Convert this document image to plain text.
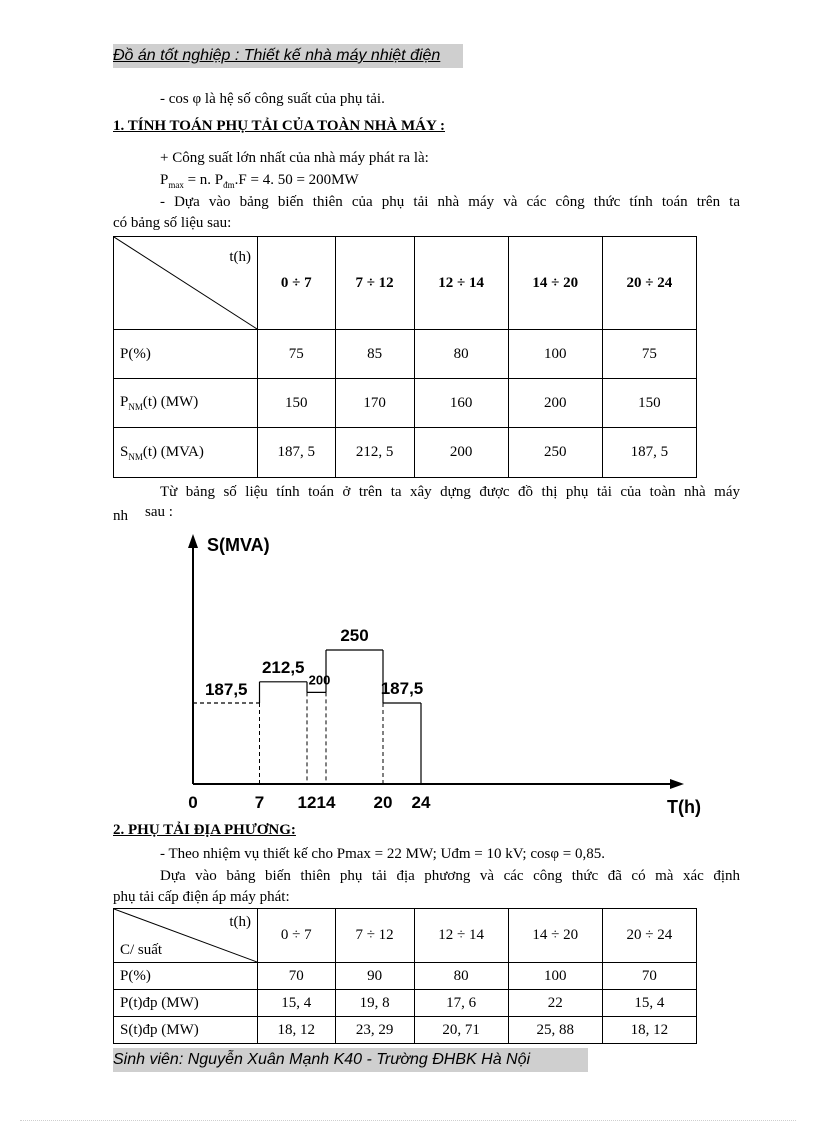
Đồ án tốt nghiệp : Thiết kế nhà máy nhiệt điện
- cos φ là hệ số công suất của phụ tải.
1. TÍNH TOÁN PHỤ TẢI CỦA TOÀN NHÀ MÁY :
+ Công suất lớn nhất của nhà máy phát ra là:
$P_{max} = n$. $P_{đm}.F = 4$. 50 = 200MW
- Dựa vào bảng biến thiên của phụ tải nhà máy và các công thức tính toán trên ta
có bảng số liệu sau:
t(h)	0 ÷ 7	7 ÷ 12	12 ÷ 14	14 ÷ 20	20 ÷ 24
P(%)	75	85	80	100	75
$P_{NM}(t)$ (MW)	150	170	160	200	150
$S_{NM}(t)$ (MVA)	187, 5	212, 5	200	250	187, 5
Từ bảng số liệu tính toán ở trên ta xây dựng được đồ thị phụ tải của toàn nhà máy
nh sau :
S(MVA)
T(h)
0	7 12 14 20 24
187,5
212,5
200
250
187,5
2. PHỤ TẢI ĐỊA PHƯƠNG:
- Theo nhiệm vụ thiết kế cho Pmax = 22 MW; Uđm = 10 kV; cosφ = 0,85.
Dựa vào bảng biến thiên phụ tải địa phương và các công thức đã có mà xác định
phụ tải cấp điện áp máy phát:
t(h)
C/ suất	0 ÷ 7	7 ÷ 12	12 ÷ 14	14 ÷ 20	20 ÷ 24
P(%)	70	90	80	100	70
P(t)đp (MW)	15, 4	19, 8	17, 6	22	15, 4
S(t)đp (MW)	18, 12	23, 29	20, 71	25, 88	18, 12
Sinh viên: Nguyễn Xuân Mạnh K40 - Trường ĐHBK Hà Nội
